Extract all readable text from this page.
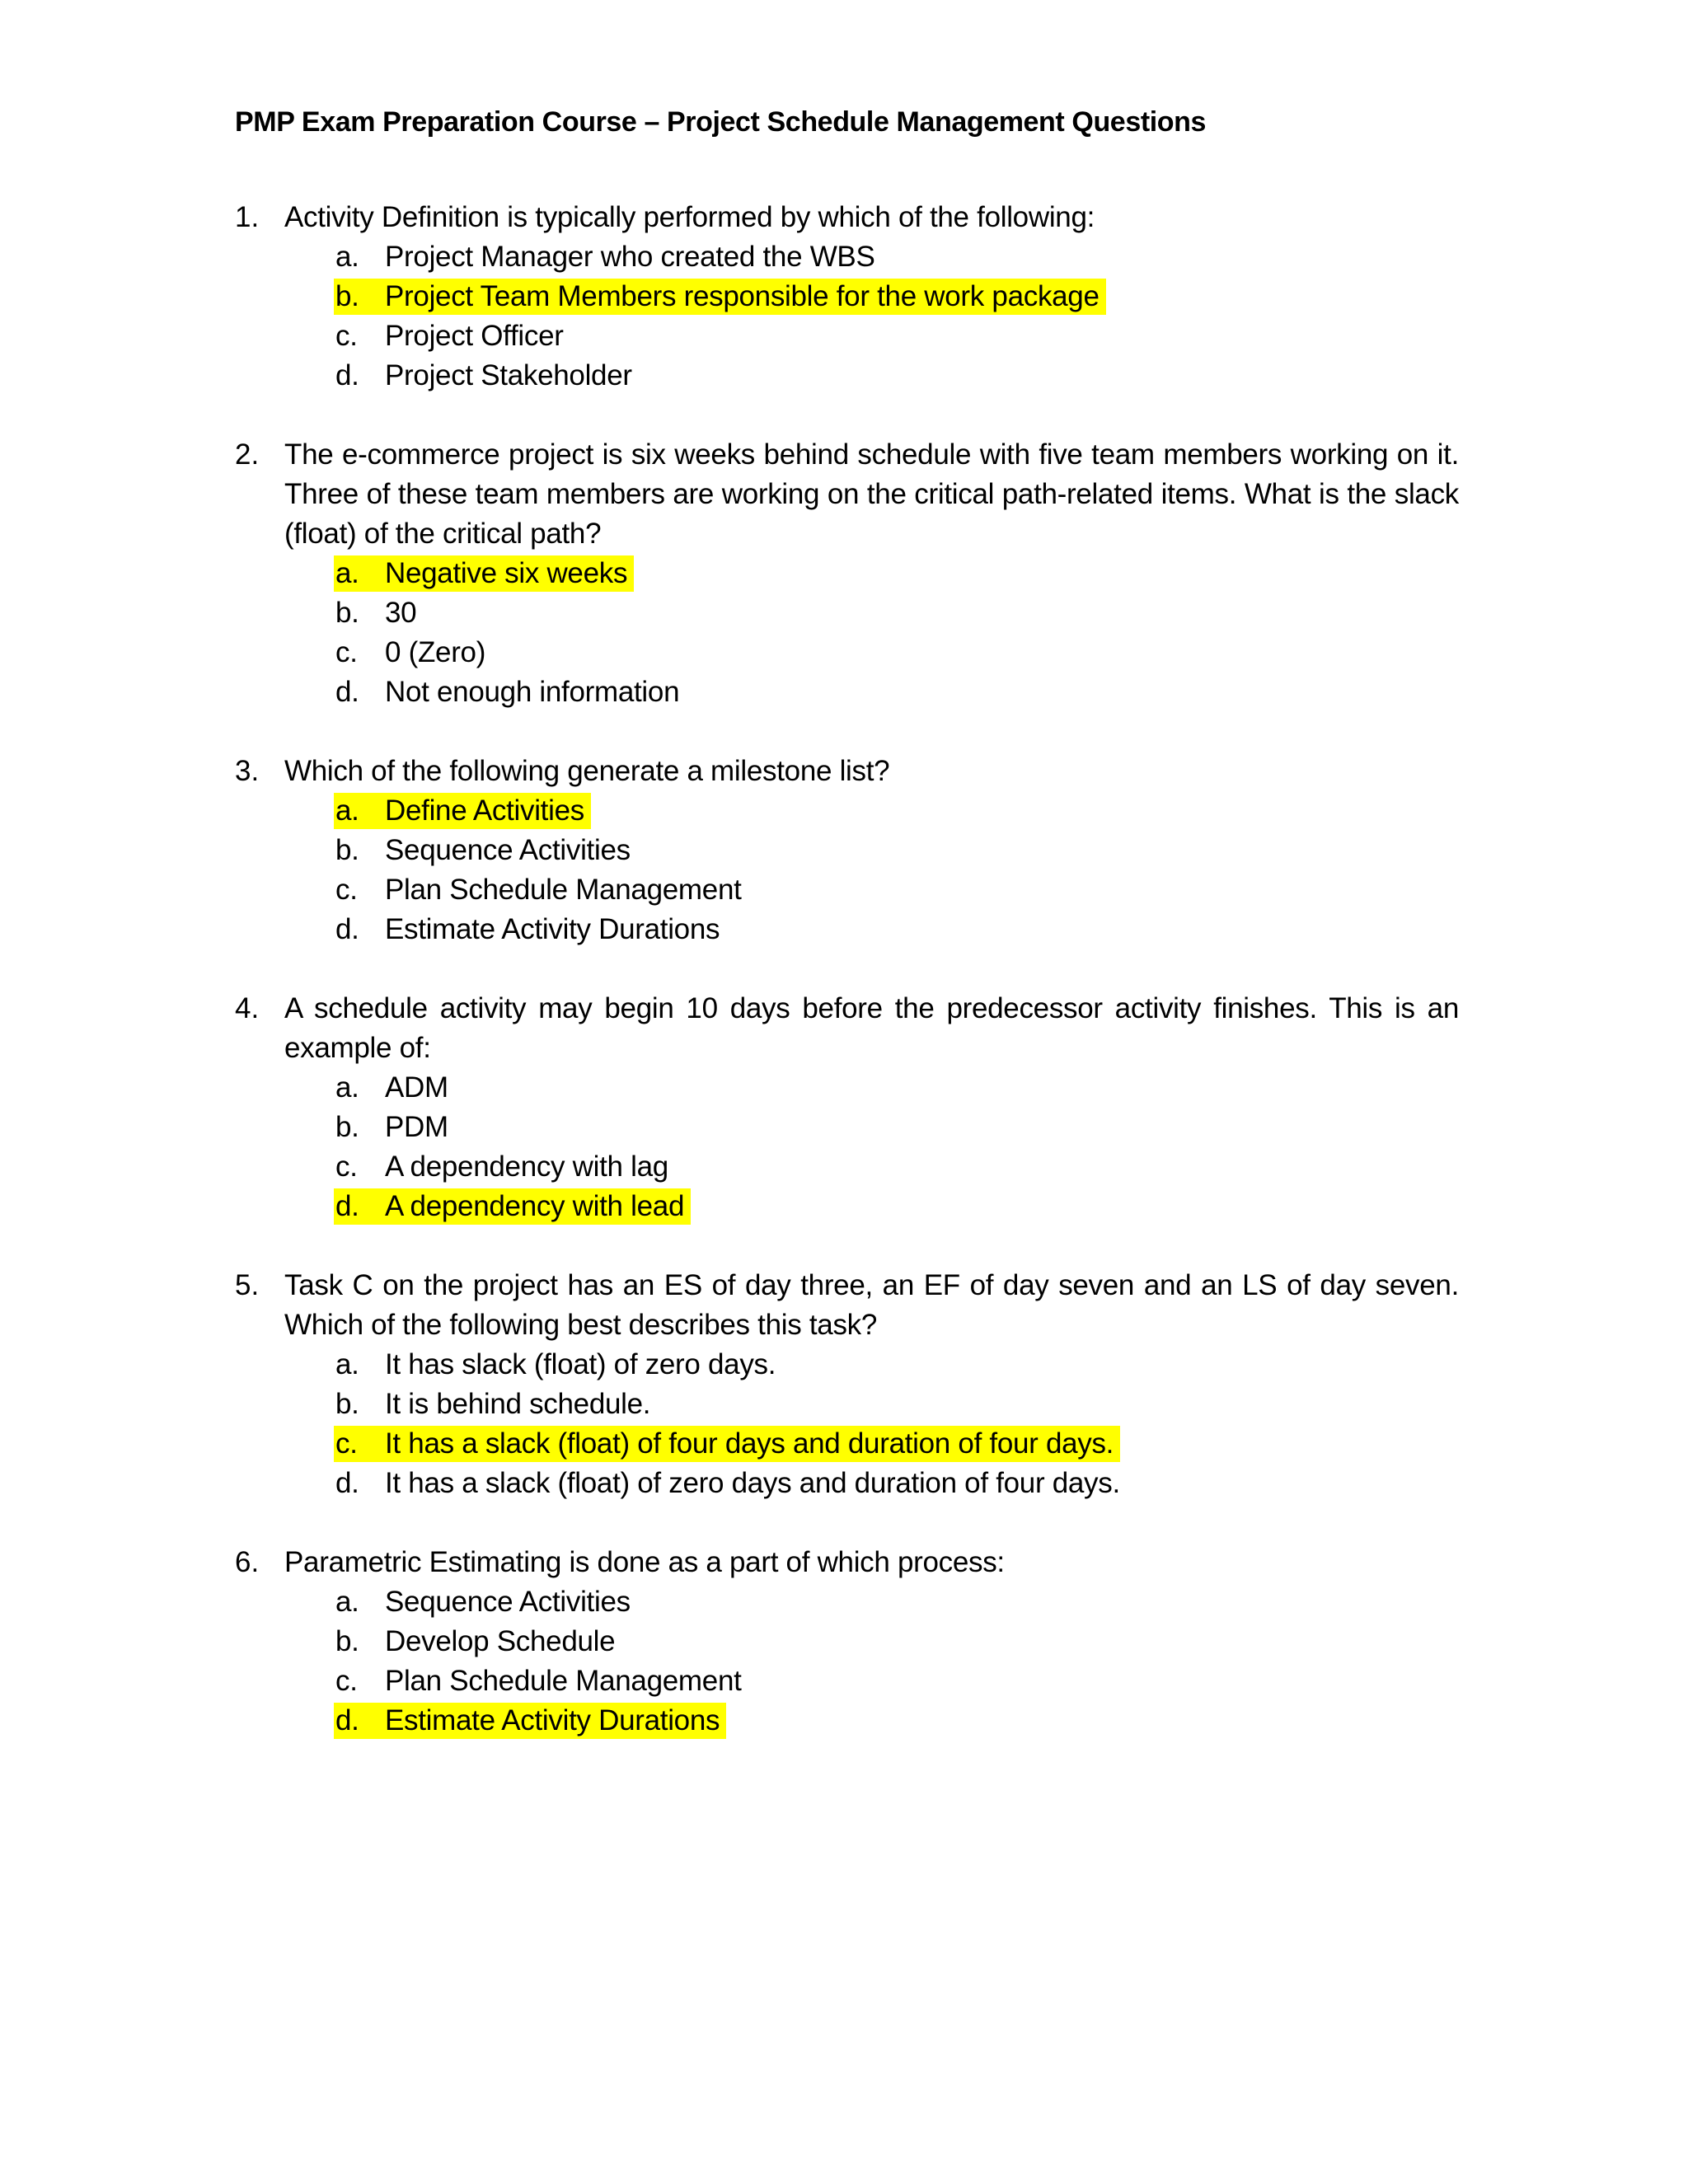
PMP Exam Preparation Course – Project Schedule Management Questions
1. Activity Definition is typically performed by which of the following:

a. Project Manager who created the WBS
b. Project Team Members responsible for the work package
c. Project Officer
d. Project Stakeholder
2. The e-commerce project is six weeks behind schedule with five team members working on it. Three of these team members are working on the critical path-related items. What is the slack (float) of the critical path?

a. Negative six weeks
b. 30
c. 0 (Zero)
d. Not enough information
3. Which of the following generate a milestone list?

a. Define Activities
b. Sequence Activities
c. Plan Schedule Management
d. Estimate Activity Durations
4. A schedule activity may begin 10 days before the predecessor activity finishes. This is an example of:

a. ADM
b. PDM
c. A dependency with lag
d. A dependency with lead
5. Task C on the project has an ES of day three, an EF of day seven and an LS of day seven. Which of the following best describes this task?

a. It has slack (float) of zero days.
b. It is behind schedule.
c. It has a slack (float) of four days and duration of four days.
d. It has a slack (float) of zero days and duration of four days.
6. Parametric Estimating is done as a part of which process:

a. Sequence Activities
b. Develop Schedule
c. Plan Schedule Management
d. Estimate Activity Durations
